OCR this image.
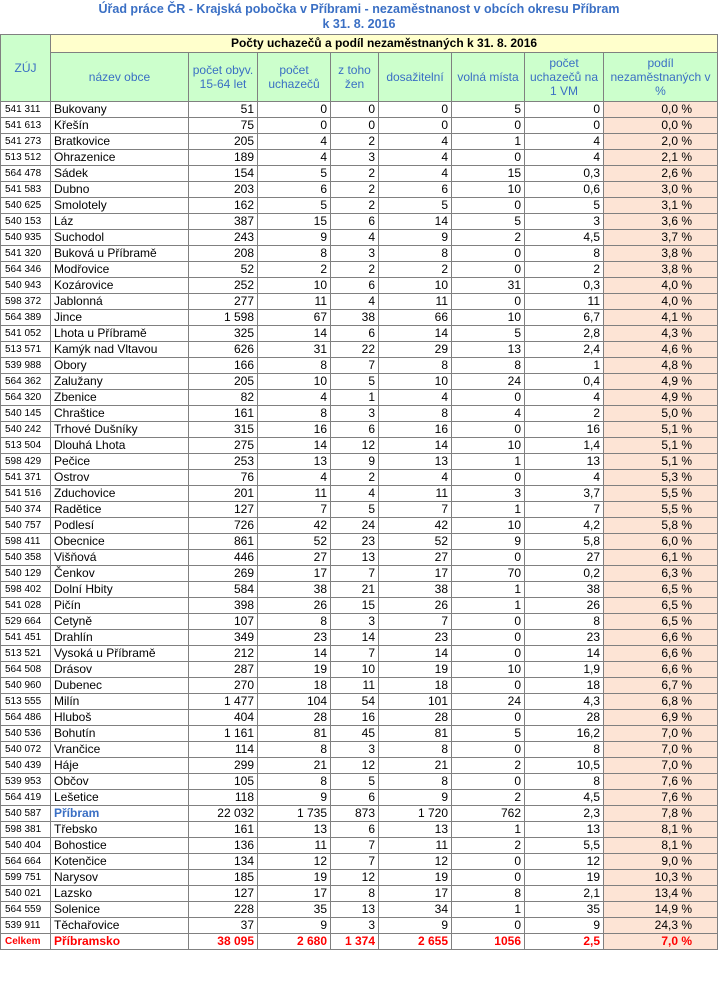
Úřad práce ČR - Krajská pobočka v Příbrami - nezaměstnanost v obcích okresu Příbram
k 31. 8. 2016
ZÚJ	Počty uchazečů a podíl nezaměstnaných k 31. 8. 2016							
	název obce	počet obyv. 15-64 let	počet uchazečů	z toho žen	dosažitelní	volná místa	počet uchazečů na 1 VM	podíl nezaměstnaných v %
541 311	Bukovany	51	0	0	0	5	0	0,0 %
541 613	Křešín	75	0	0	0	0	0	0,0 %
541 273	Bratkovice	205	4	2	4	1	4	2,0 %
513 512	Ohrazenice	189	4	3	4	0	4	2,1 %
564 478	Sádek	154	5	2	4	15	0,3	2,6 %
541 583	Dubno	203	6	2	6	10	0,6	3,0 %
540 625	Smolotely	162	5	2	5	0	5	3,1 %
540 153	Láz	387	15	6	14	5	3	3,6 %
540 935	Suchodol	243	9	4	9	2	4,5	3,7 %
541 320	Buková u Příbramě	208	8	3	8	0	8	3,8 %
564 346	Modřovice	52	2	2	2	0	2	3,8 %
540 943	Kozárovice	252	10	6	10	31	0,3	4,0 %
598 372	Jablonná	277	11	4	11	0	11	4,0 %
564 389	Jince	1 598	67	38	66	10	6,7	4,1 %
541 052	Lhota u Příbramě	325	14	6	14	5	2,8	4,3 %
513 571	Kamýk nad Vltavou	626	31	22	29	13	2,4	4,6 %
539 988	Obory	166	8	7	8	8	1	4,8 %
564 362	Zalužany	205	10	5	10	24	0,4	4,9 %
564 320	Zbenice	82	4	1	4	0	4	4,9 %
540 145	Chraštice	161	8	3	8	4	2	5,0 %
540 242	Trhové Dušníky	315	16	6	16	0	16	5,1 %
513 504	Dlouhá Lhota	275	14	12	14	10	1,4	5,1 %
598 429	Pečice	253	13	9	13	1	13	5,1 %
541 371	Ostrov	76	4	2	4	0	4	5,3 %
541 516	Zduchovice	201	11	4	11	3	3,7	5,5 %
540 374	Radětice	127	7	5	7	1	7	5,5 %
540 757	Podlesí	726	42	24	42	10	4,2	5,8 %
598 411	Obecnice	861	52	23	52	9	5,8	6,0 %
540 358	Višňová	446	27	13	27	0	27	6,1 %
540 129	Čenkov	269	17	7	17	70	0,2	6,3 %
598 402	Dolní Hbity	584	38	21	38	1	38	6,5 %
541 028	Pičín	398	26	15	26	1	26	6,5 %
529 664	Cetyně	107	8	3	7	0	8	6,5 %
541 451	Drahlín	349	23	14	23	0	23	6,6 %
513 521	Vysoká u Příbramě	212	14	7	14	0	14	6,6 %
564 508	Drásov	287	19	10	19	10	1,9	6,6 %
540 960	Dubenec	270	18	11	18	0	18	6,7 %
513 555	Milín	1 477	104	54	101	24	4,3	6,8 %
564 486	Hluboš	404	28	16	28	0	28	6,9 %
540 536	Bohutín	1 161	81	45	81	5	16,2	7,0 %
540 072	Vrančice	114	8	3	8	0	8	7,0 %
540 439	Háje	299	21	12	21	2	10,5	7,0 %
539 953	Občov	105	8	5	8	0	8	7,6 %
564 419	Lešetice	118	9	6	9	2	4,5	7,6 %
540 587	Příbram	22 032	1 735	873	1 720	762	2,3	7,8 %
598 381	Třebsko	161	13	6	13	1	13	8,1 %
540 404	Bohostice	136	11	7	11	2	5,5	8,1 %
564 664	Kotenčice	134	12	7	12	0	12	9,0 %
599 751	Narysov	185	19	12	19	0	19	10,3 %
540 021	Lazsko	127	17	8	17	8	2,1	13,4 %
564 559	Solenice	228	35	13	34	1	35	14,9 %
539 911	Těchařovice	37	9	3	9	0	9	24,3 %
Celkem	Příbramsko	38 095	2 680	1 374	2 655	1056	2,5	7,0 %
